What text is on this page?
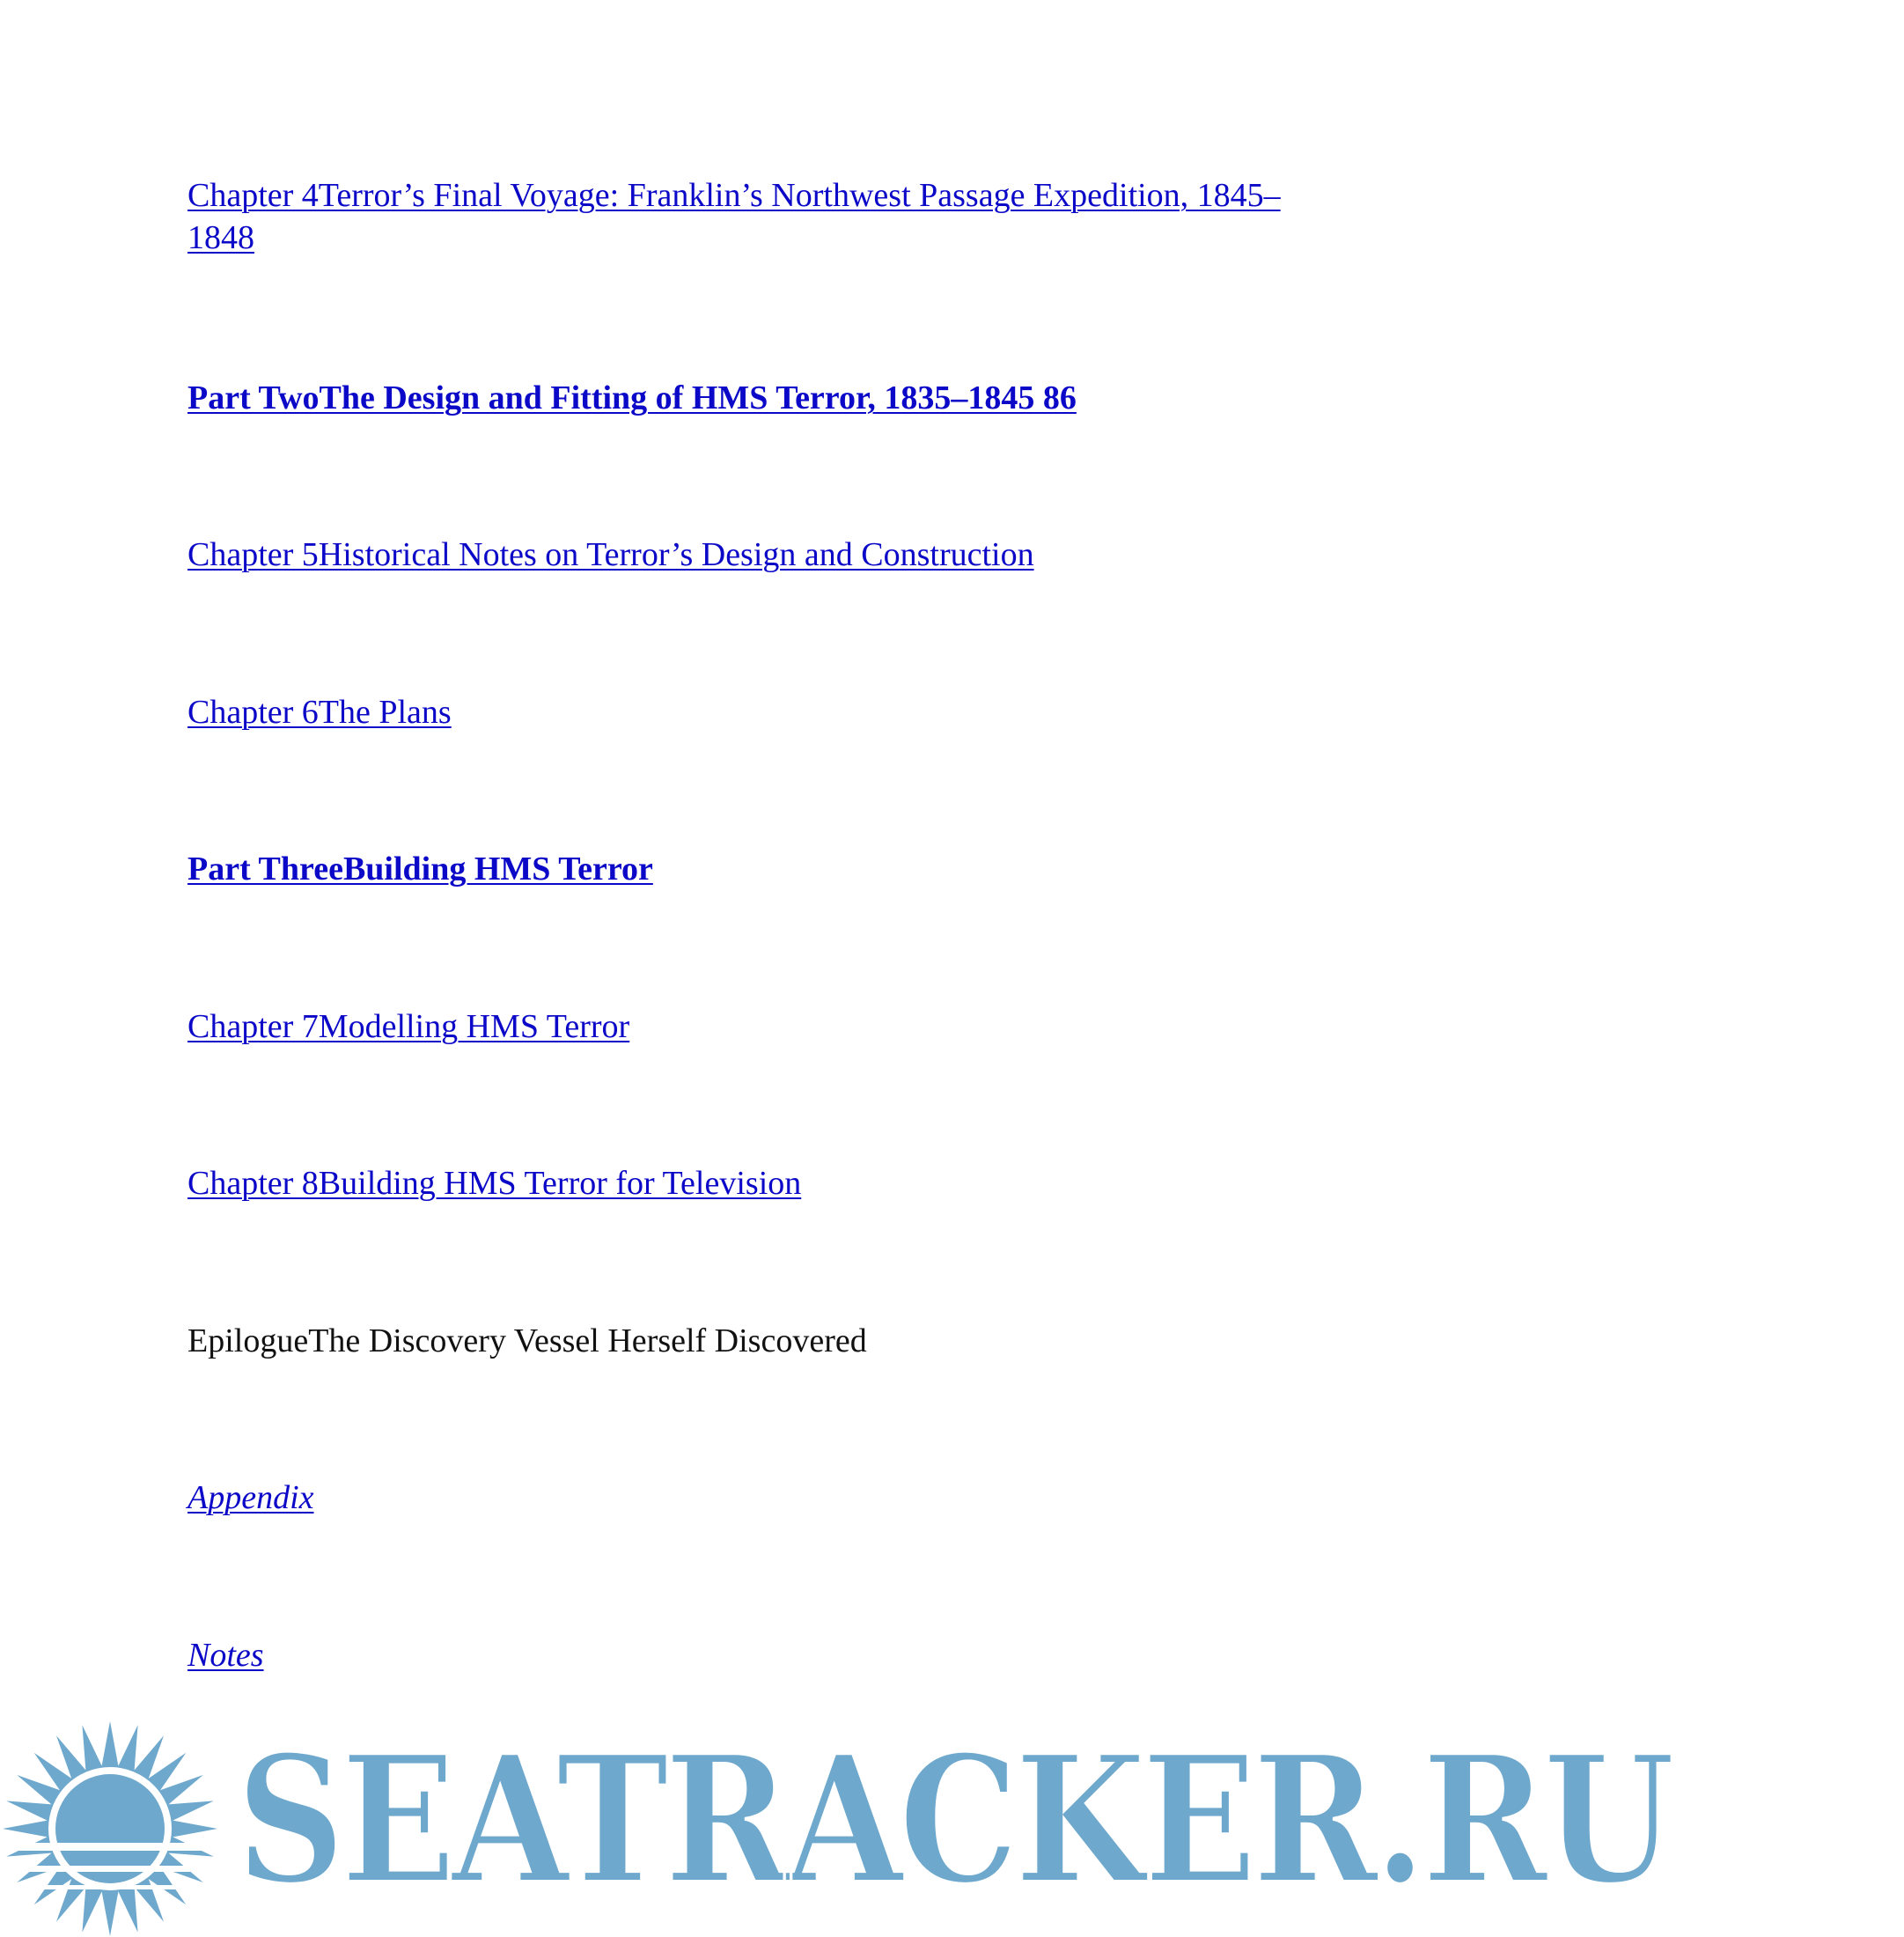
Chapter 4Terror’s Final Voyage: Franklin’s Northwest Passage Expedition, 1845–1848
Part TwoThe Design and Fitting of HMS Terror, 1835–1845 86
Chapter 5Historical Notes on Terror’s Design and Construction
Chapter 6The Plans
Part ThreeBuilding HMS Terror
Chapter 7Modelling HMS Terror
Chapter 8Building HMS Terror for Television
EpilogueThe Discovery Vessel Herself Discovered
Appendix
Notes
SEATRACKER.RU
